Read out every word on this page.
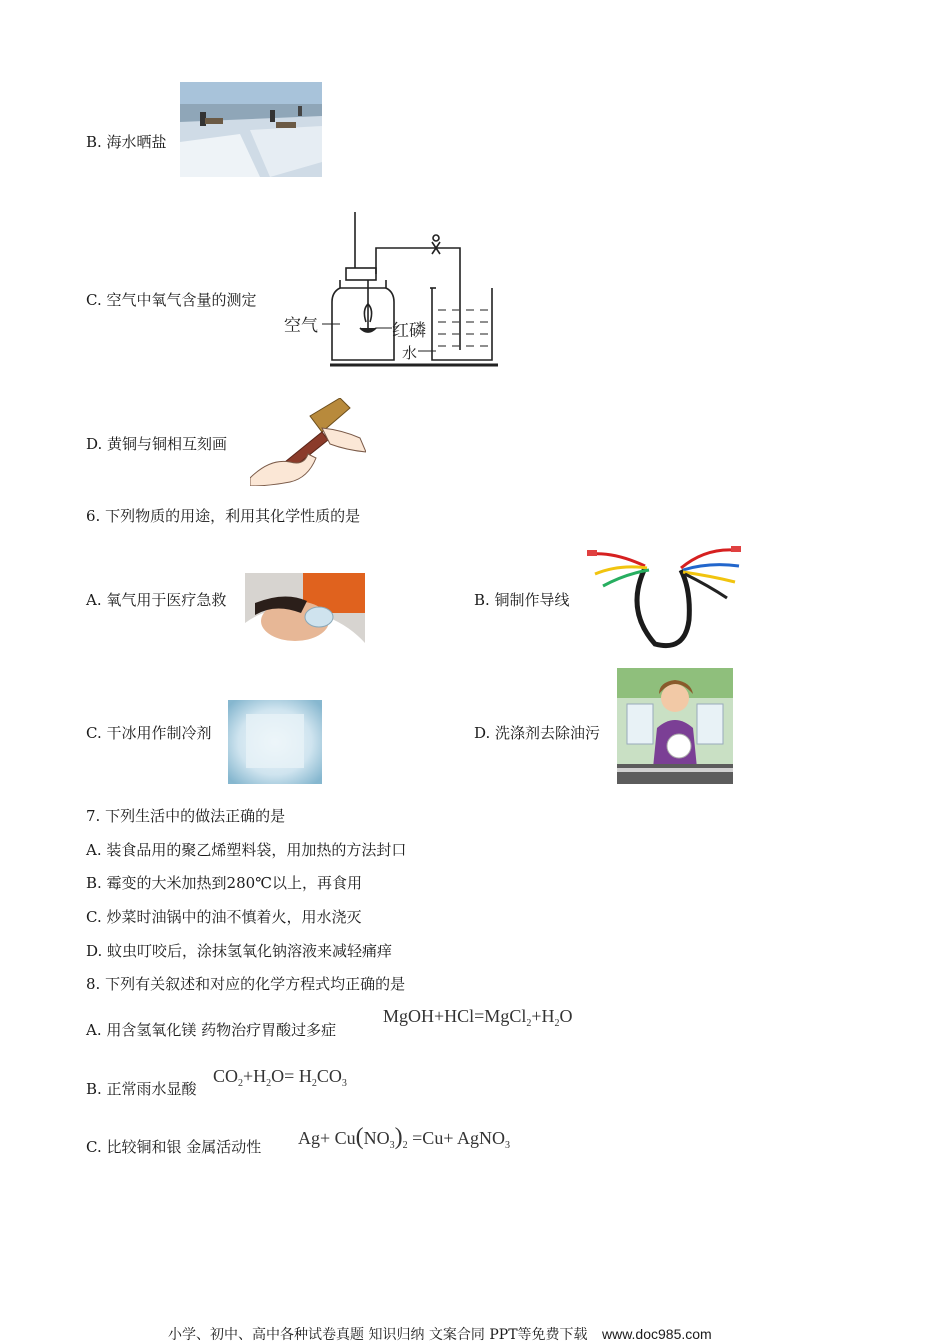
B. 海水晒盐
C. 空气中氧气含量的测定
空气	红磷
水
D. 黄铜与铜相互刻画
6. 下列物质的用途，利用其化学性质的是
A. 氧气用于医疗急救	B. 铜制作导线
C. 干冰用作制冷剂	D. 洗涤剂去除油污
7. 下列生活中的做法正确的是
A. 装食品用的聚乙烯塑料袋，用加热的方法封口
B. 霉变的大米加热到280℃以上，再食用
C. 炒菜时油锅中的油不慎着火，用水浇灭
D. 蚊虫叮咬后，涂抹氢氧化钠溶液来减轻痛痒
8. 下列有关叙述和对应的化学方程式均正确的是
A. 用含氢氧化镁 药物治疗胃酸过多症
$MgOH+HCl=MgCl_2+H_2O$
B. 正常雨水显酸
$CO_2+H_2O= H_2CO_3$
C. 比较铜和银 金属活动性 $Ag+ Cu(NO_3)_2 =Cu+$ AgNO$_3$
小学、初中、高中各种试卷真题 知识归纳 文案合同 PPT等免费下载 www.doc985.com
